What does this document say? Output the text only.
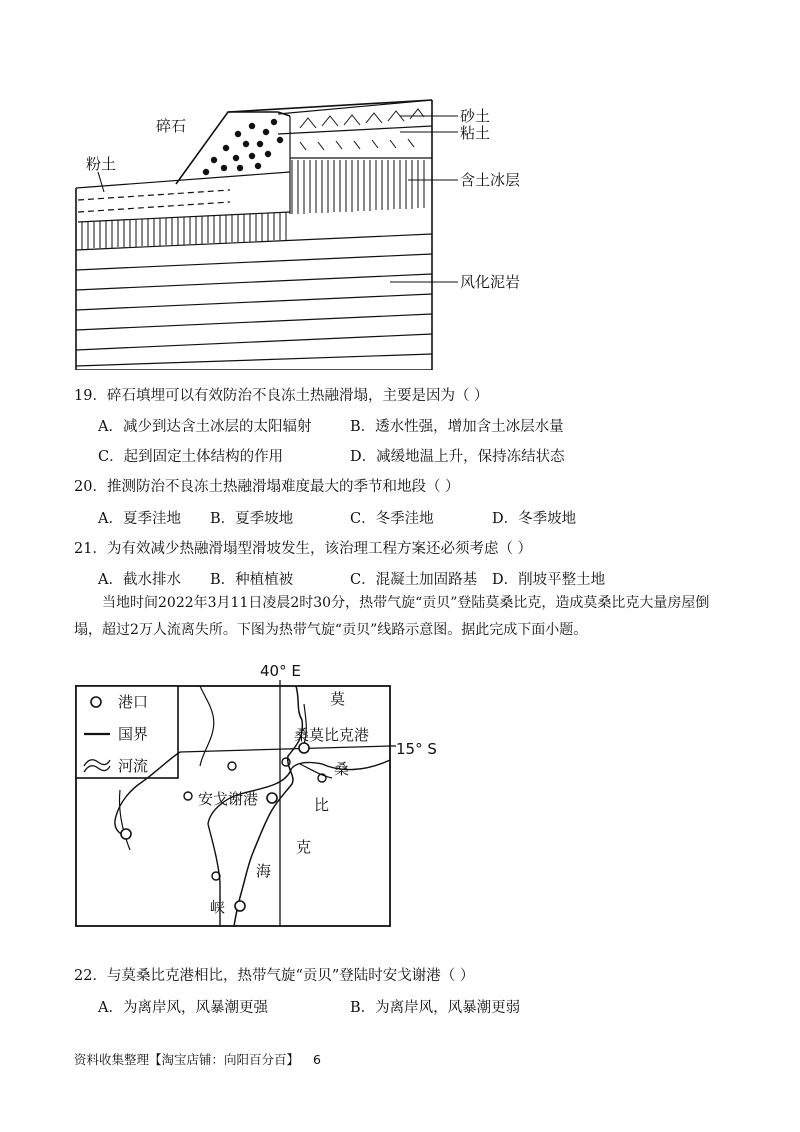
碎石
粉土
砂土
粘土
含土冰层
风化泥岩
19．碎石填埋可以有效防治不良冻土热融滑塌，主要是因为（ ）
A．减少到达含土冰层的太阳辐射	B．透水性强，增加含土冰层水量
C．起到固定土体结构的作用	D．减缓地温上升，保持冻结状态
20．推测防治不良冻土热融滑塌难度最大的季节和地段（ ）
A．夏季洼地 B．夏季坡地	C．冬季洼地	D．冬季坡地
21．为有效减少热融滑塌型滑坡发生，该治理工程方案还必须考虑（ ）
A．截水排水 B．种植植被	C．混凝土加固路基 D．削坡平整土地
当地时间2022年3月11日凌晨2时30分，热带气旋“贡贝”登陆莫桑比克，造成莫桑比克大量房屋倒塌，超过2万人流离失所。下图为热带气旋“贡贝”线路示意图。据此完成下面小题。
40° E
15° S
港口
国界
河流
莫
桑莫比克港
安戈谢港
桑
比
克
海
峡
22．与莫桑比克港相比，热带气旋“贡贝”登陆时安戈谢港（ ）
A．为离岸风，风暴潮更强	B．为离岸风，风暴潮更弱
资料收集整理【淘宝店铺：向阳百分百】 6
